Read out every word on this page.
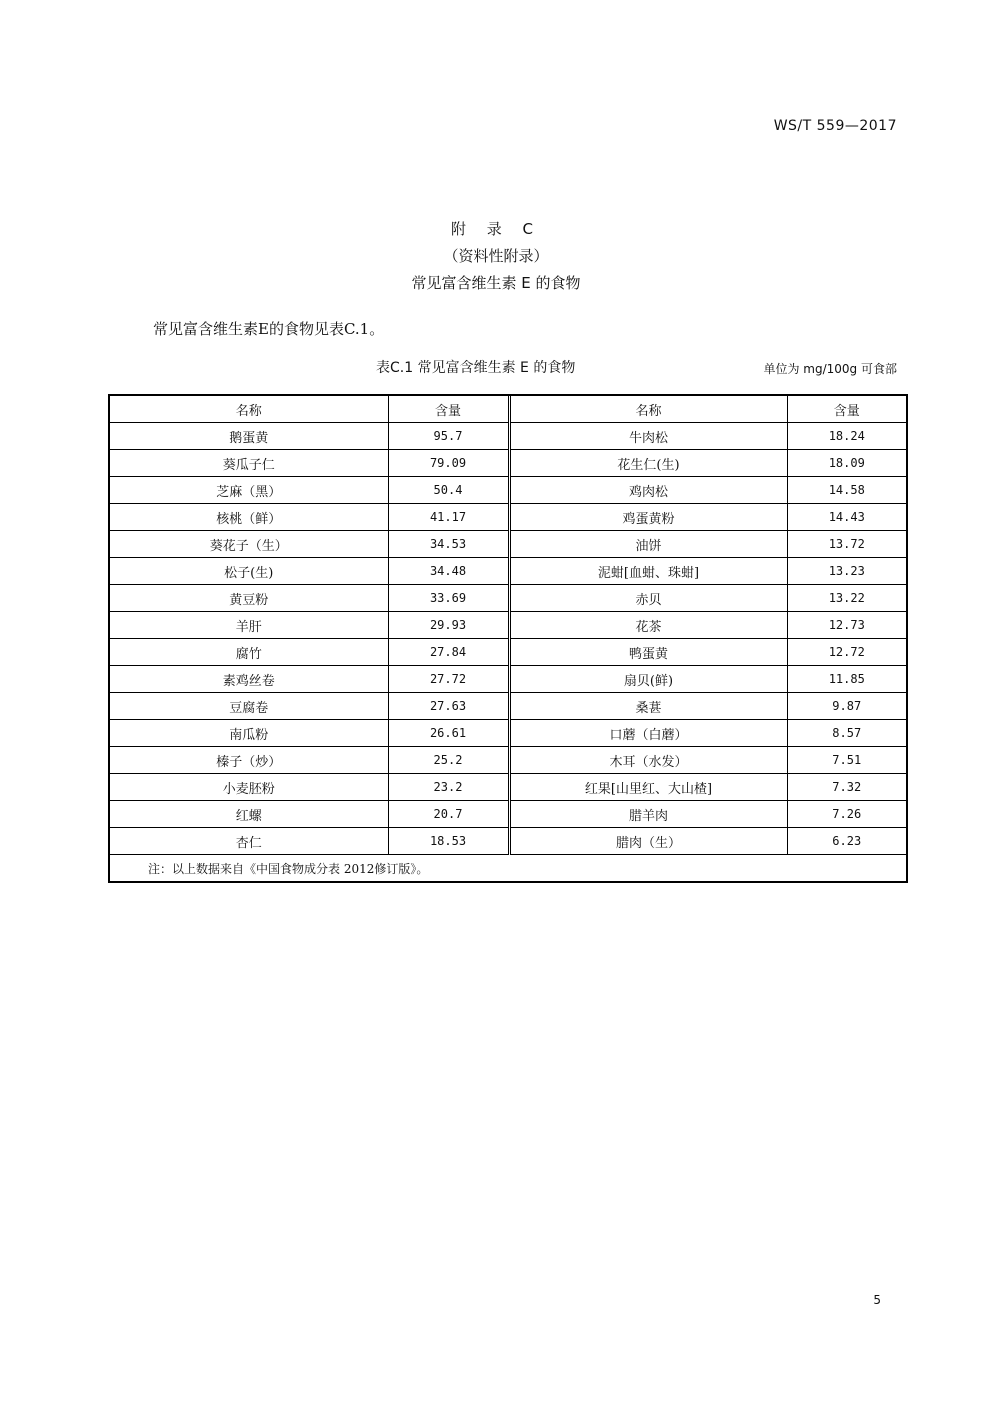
WS/T 559—2017
附 录 C
（资料性附录）
常见富含维生素 E 的食物
常见富含维生素E的食物见表C.1。
表C.1 常见富含维生素 E 的食物	单位为 mg/100g 可食部
名称	含量	名称	含量
鹅蛋黄	95.7	牛肉松	18.24
葵瓜子仁	79.09	花生仁(生)	18.09
芝麻（黑）	50.4	鸡肉松	14.58
核桃（鲜）	41.17	鸡蛋黄粉	14.43
葵花子（生）	34.53	油饼	13.72
松子(生)	34.48	泥蚶[血蚶、珠蚶]	13.23
黄豆粉	33.69	赤贝	13.22
羊肝	29.93	花茶	12.73
腐竹	27.84	鸭蛋黄	12.72
素鸡丝卷	27.72	扇贝(鲜)	11.85
豆腐卷	27.63	桑葚	9.87
南瓜粉	26.61	口蘑（白蘑）	8.57
榛子（炒）	25.2	木耳（水发）	7.51
小麦胚粉	23.2	红果[山里红、大山楂]	7.32
红螺	20.7	腊羊肉	7.26
杏仁	18.53	腊肉（生）	6.23
注：以上数据来自《中国食物成分表 2012修订版》。			
5
